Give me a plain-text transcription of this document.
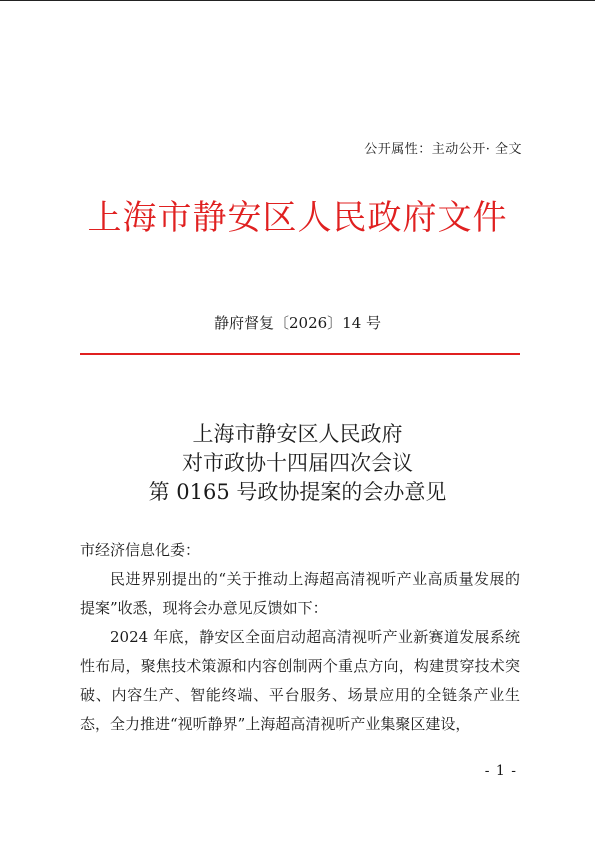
公开属性：主动公开· 全文
上海市静安区人民政府文件
静府督复〔2026〕14 号
上海市静安区人民政府
对市政协十四届四次会议
第 0165 号政协提案的会办意见

市经济信息化委：

民进界别提出的“关于推动上海超高清视听产业高质量发展的提案”收悉，现将会办意见反馈如下：

2024 年底，静安区全面启动超高清视听产业新赛道发展系统性布局，聚焦技术策源和内容创制两个重点方向，构建贯穿技术突破、内容生产、智能终端、平台服务、场景应用的全链条产业生态，全力推进“视听静界”上海超高清视听产业集聚区建设，

- 1 -
